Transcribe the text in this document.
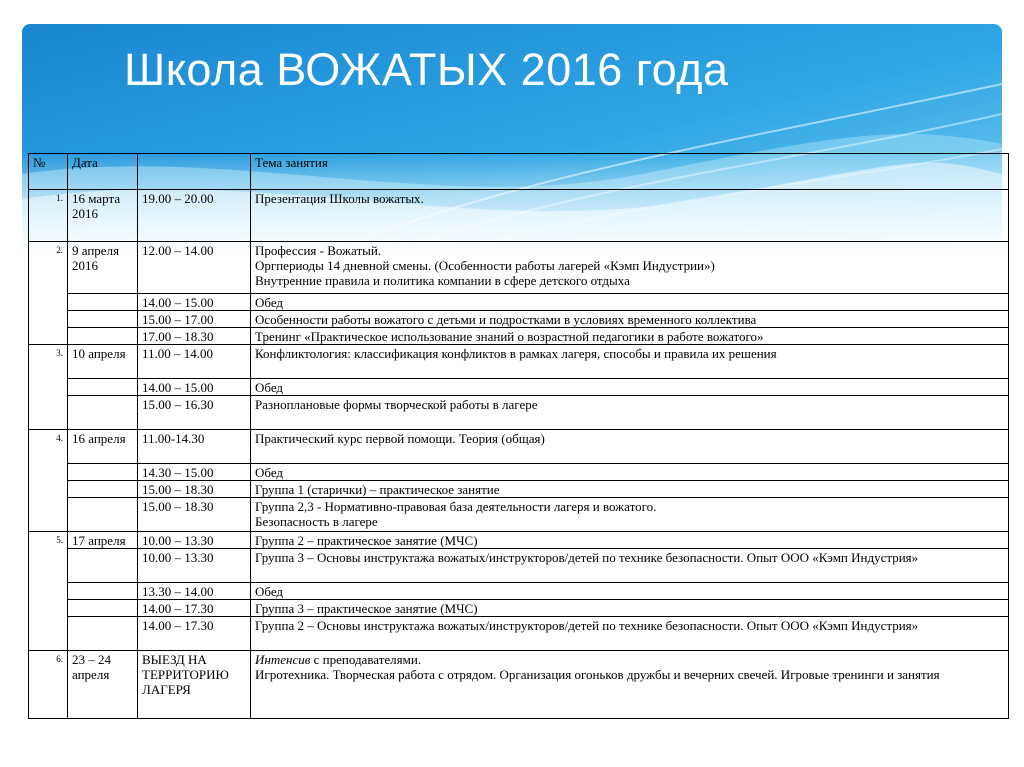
Школа ВОЖАТЫХ 2016 года
№	Дата		Тема занятия
1.	16 марта 2016	19.00 – 20.00	Презентация Школы вожатых.

2.	9 апреля 2016	12.00 – 14.00	Профессия - Вожатый.
Оргпериоды 14 дневной смены. (Особенности работы лагерей «Кэмп Индустрии»)
Внутренние правила и политика компании в сфере детского отдыха

		14.00 – 15.00	Обед

		15.00 – 17.00	Особенности работы вожатого с детьми и подростками в условиях временного коллектива

		17.00 – 18.30	Тренинг «Практическое использование знаний о возрастной педагогики в работе вожатого»

3.	10 апреля	11.00 – 14.00	Конфликтология: классификация конфликтов в рамках лагеря, способы и правила их решения

		14.00 – 15.00	Обед

		15.00 – 16.30	Разноплановые формы творческой работы в лагере

4.	16 апреля	11.00-14.30	Практический курс первой помощи. Теория (общая)

		14.30 – 15.00	Обед

		15.00 – 18.30	Группа 1 (старички) – практическое занятие

		15.00 – 18.30	Группа 2,3 - Нормативно-правовая база деятельности лагеря и вожатого.
Безопасность в лагере

5.	17 апреля	10.00 – 13.30	Группа 2 – практическое занятие (МЧС)

		10.00 – 13.30	Группа 3 – Основы инструктажа вожатых/инструкторов/детей по технике безопасности. Опыт ООО «Кэмп Индустрия»

		13.30 – 14.00	Обед

		14.00 – 17.30	Группа 3 – практическое занятие (МЧС)

		14.00 – 17.30	Группа 2 – Основы инструктажа вожатых/инструкторов/детей по технике безопасности. Опыт ООО «Кэмп Индустрия»

6.	23 – 24 апреля	ВЫЕЗД НА ТЕРРИТОРИЮ ЛАГЕРЯ	Интенсив с преподавателями.
Игротехника. Творческая работа с отрядом. Организация огоньков дружбы и вечерних свечей. Игровые тренинги и занятия
